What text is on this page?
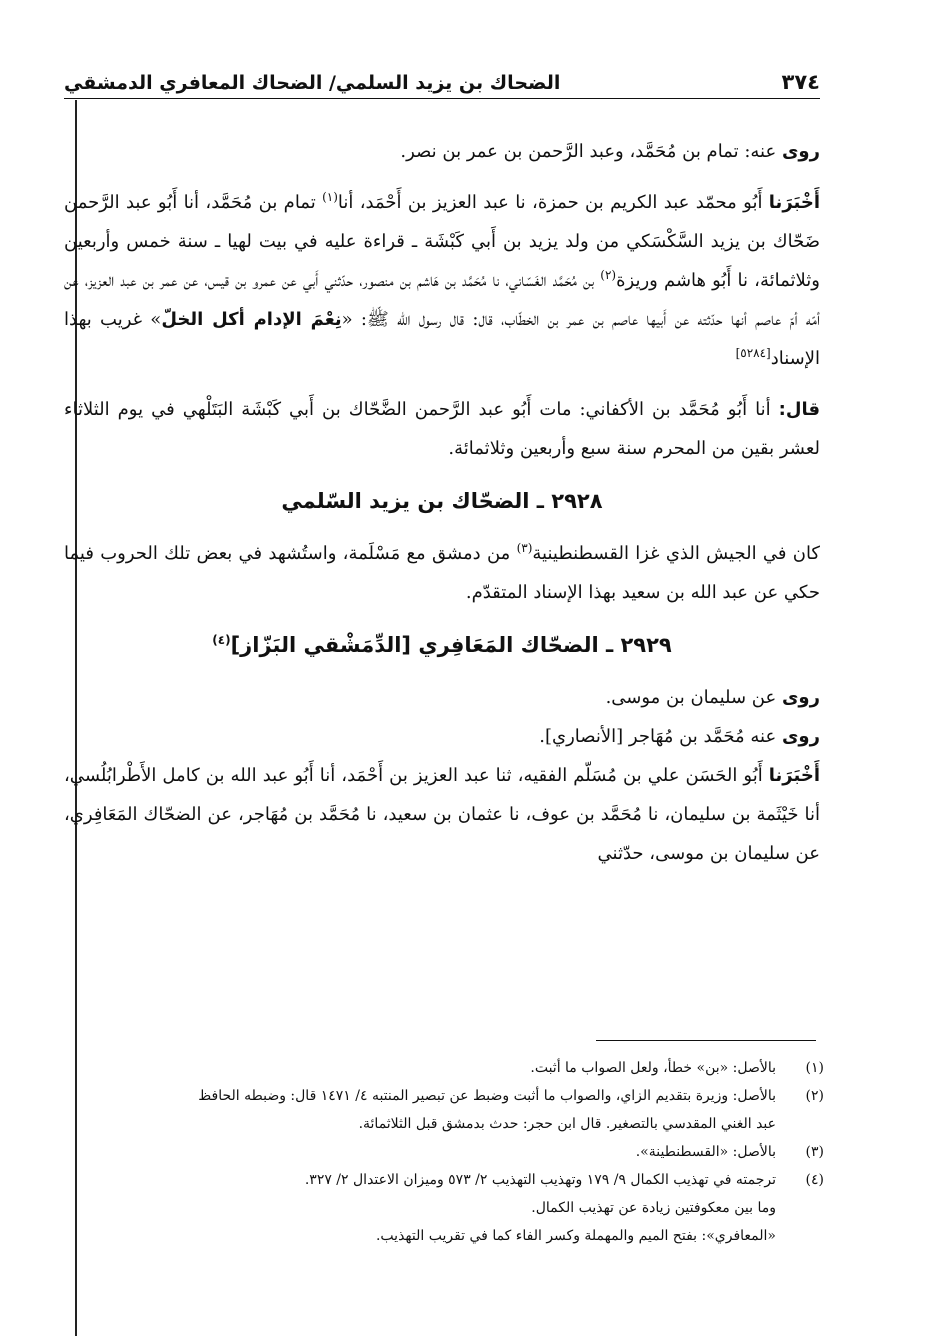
٣٧٤
الضحاك بن يزيد السلمي/ الضحاك المعافري الدمشقي

روى عنه: تمام بن مُحَمَّد، وعبد الرَّحمن بن عمر بن نصر.

أَخْبَرَنا أَبُو محمّد عبد الكريم بن حمزة، نا عبد العزيز بن أَحْمَد، أنا$^{(١)}$ تمام بن مُحَمَّد، أنا أَبُو عبد الرَّحمن ضَحّاك بن يزيد السَّكْسَكي من ولد يزيد بن أَبي كَبْشَة ـ قراءة عليه في بيت لهيا ـ سنة خمس وأربعين وثلاثمائة، نا أَبُو هاشم وريزة$^{(٢)}$ بن مُحَمَّد الغَسّاني، نا مُحَمَّد بن هَاشم بن منصور، حدّثني أَبي عن عمرو بن قيس، عن عمر بن عبد العزيز، عن أمّه أمّ عاصم أنها حدّثته عن أَبيها عاصم بن عمر بن الخطّاب، قال: قال رسول الله ﷺ: «نِعْمَ الإدام أكل الخلّ» غريب بهذا الإسناد[٥٢٨٤]

قال: أنا أَبُو مُحَمَّد بن الأكفاني: مات أَبُو عبد الرَّحمن الضَّحّاك بن أَبي كَبْشَة البَتَلْهي في يوم الثلاثاء لعشر بقين من المحرم سنة سبع وأربعين وثلاثمائة.

٢٩٢٨ ـ الضحّاك بن يزيد السّلمي

كان في الجيش الذي غزا القسطنطينية$^{(٣)}$ من دمشق مع مَسْلَمة، واستُشهد في بعض تلك الحروب فيما حكي عن عبد الله بن سعيد بهذا الإسناد المتقدّم.

٢٩٢٩ ـ الضحّاك المَعَافِري [الدِّمَشْقي البَزّاز]$^{(٤)}$

روى عن سليمان بن موسى.

روى عنه مُحَمَّد بن مُهَاجر [الأنصاري].

أَخْبَرَنا أَبُو الحَسَن علي بن مُسَلّم الفقيه، ثنا عبد العزيز بن أَحْمَد، أنا أَبُو عبد الله بن كامل الأَطْرابُلُسي، أنا خَيْثَمة بن سليمان، نا مُحَمَّد بن عوف، نا عثمان بن سعيد، نا مُحَمَّد بن مُهَاجر، عن الضحّاك المَعَافِري، عن سليمان بن موسى، حدّثني

(١)
بالأصل: «بن» خطأ، ولعل الصواب ما أثبت.
(٢)
بالأصل: وزيرة بتقديم الزاي، والصواب ما أثبت وضبط عن تبصير المنتبه ٤/ ١٤٧١ قال: وضبطه الحافظ
عبد الغني المقدسي بالتصغير. قال ابن حجر: حدث بدمشق قبل الثلاثمائة.
(٣)
بالأصل: «القسطنطينة».
(٤)
ترجمته في تهذيب الكمال ٩/ ١٧٩ وتهذيب التهذيب ٢/ ٥٧٣ وميزان الاعتدال ٢/ ٣٢٧.
وما بين معكوفتين زيادة عن تهذيب الكمال.
«المعافري»: بفتح الميم والمهملة وكسر الفاء كما في تقريب التهذيب.
